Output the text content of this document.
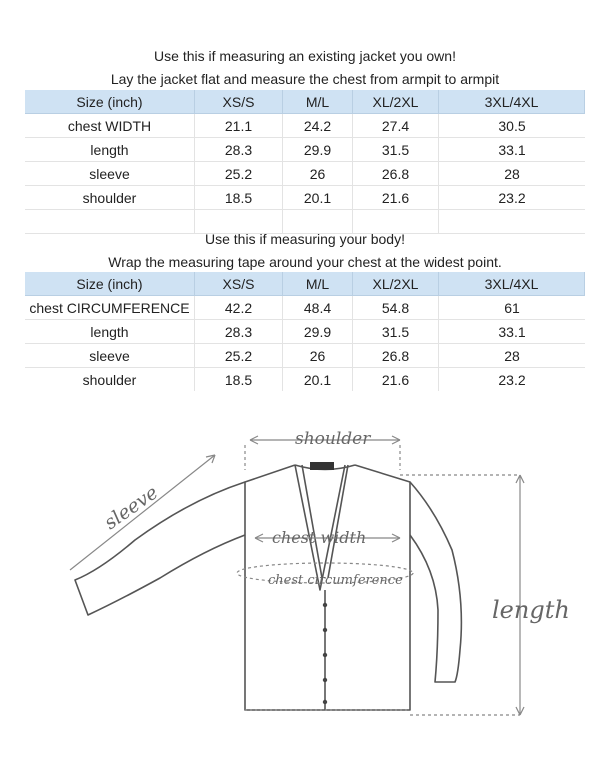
Use this if measuring an existing jacket you own!
Lay the jacket flat and measure the chest from armpit to armpit
Size (inch)	XS/S	M/L	XL/2XL	3XL/4XL
chest WIDTH	21.1	24.2	27.4	30.5
length	28.3	29.9	31.5	33.1
sleeve	25.2	26	26.8	28
shoulder	18.5	20.1	21.6	23.2
Use this if measuring your body!
Wrap the measuring tape around your chest at the widest point.
Size (inch)	XS/S	M/L	XL/2XL	3XL/4XL
chest CIRCUMFERENCE	42.2	48.4	54.8	61
length	28.3	29.9	31.5	33.1
sleeve	25.2	26	26.8	28
shoulder	18.5	20.1	21.6	23.2
shoulder
sleeve
chest width
chest circumference
length
